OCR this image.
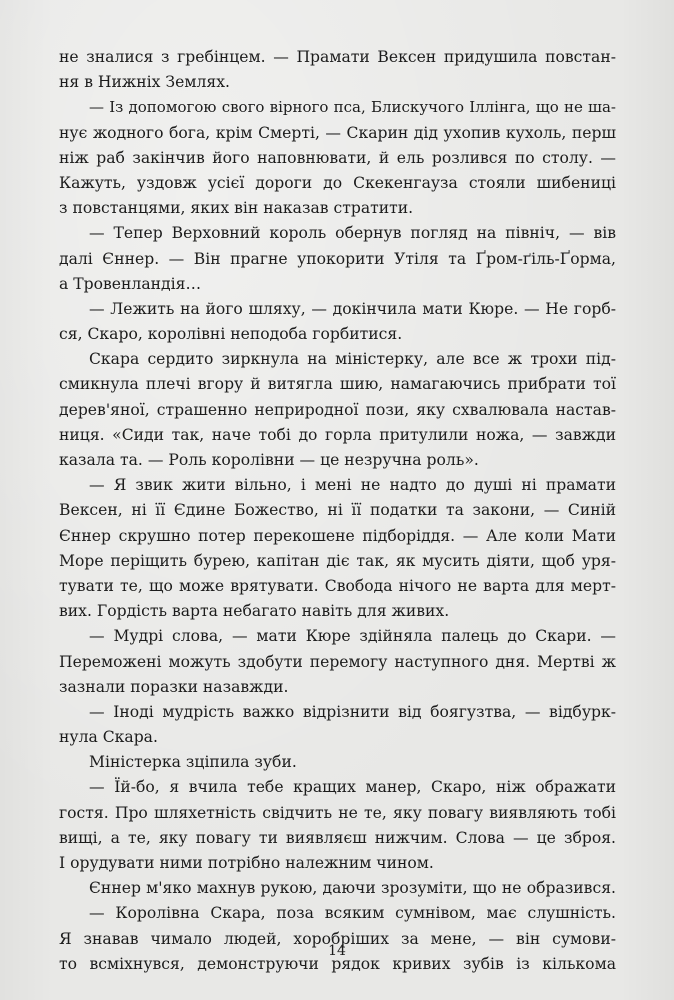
не зналися з гребінцем. — Прамати Вексен придушила повстан-
ня в Нижніх Землях.
— Із допомогою свого вірного пса, Блискучого Іллінга, що не ша-
нує жодного бога, крім Смерті, — Скарин дід ухопив кухоль, перш
ніж раб закінчив його наповнювати, й ель розлився по столу. —
Кажуть, уздовж усієї дороги до Скекенгауза стояли шибениці
з повстанцями, яких він наказав стратити.
— Тепер Верховний король обернув погляд на північ, — вів
далі Єннер. — Він прагне упокорити Утіля та Ґром-ґіль-Ґорма,
а Тровенландія…
— Лежить на його шляху, — докінчила мати Кюре. — Не горб-
ся, Скаро, королівні неподоба горбитися.
Скара сердито зиркнула на міністерку, але все ж трохи під-
смикнула плечі вгору й витягла шию, намагаючись прибрати тої
дерев'яної, страшенно неприродної пози, яку схвалювала настав-
ниця. «Сиди так, наче тобі до горла притулили ножа, — завжди
казала та. — Роль королівни — це незручна роль».
— Я звик жити вільно, і мені не надто до душі ні прамати
Вексен, ні її Єдине Божество, ні її податки та закони, — Синій
Єннер скрушно потер перекошене підборіддя. — Але коли Мати
Море періщить бурею, капітан діє так, як мусить діяти, щоб уря-
тувати те, що може врятувати. Свобода нічого не варта для мерт-
вих. Гордість варта небагато навіть для живих.
— Мудрі слова, — мати Кюре здійняла палець до Скари. —
Переможені можуть здобути перемогу наступного дня. Мертві ж
зазнали поразки назавжди.
— Іноді мудрість важко відрізнити від боягузтва, — відбурк-
нула Скара.
Міністерка зціпила зуби.
— Їй-бо, я вчила тебе кращих манер, Скаро, ніж ображати
гостя. Про шляхетність свідчить не те, яку повагу виявляють тобі
вищі, а те, яку повагу ти виявляєш нижчим. Слова — це зброя.
І орудувати ними потрібно належним чином.
Єннер м'яко махнув рукою, даючи зрозуміти, що не образився.
— Королівна Скара, поза всяким сумнівом, має слушність.
Я знавав чимало людей, хоробріших за мене, — він сумови-
то всміхнувся, демонструючи рядок кривих зубів із кількома
14
